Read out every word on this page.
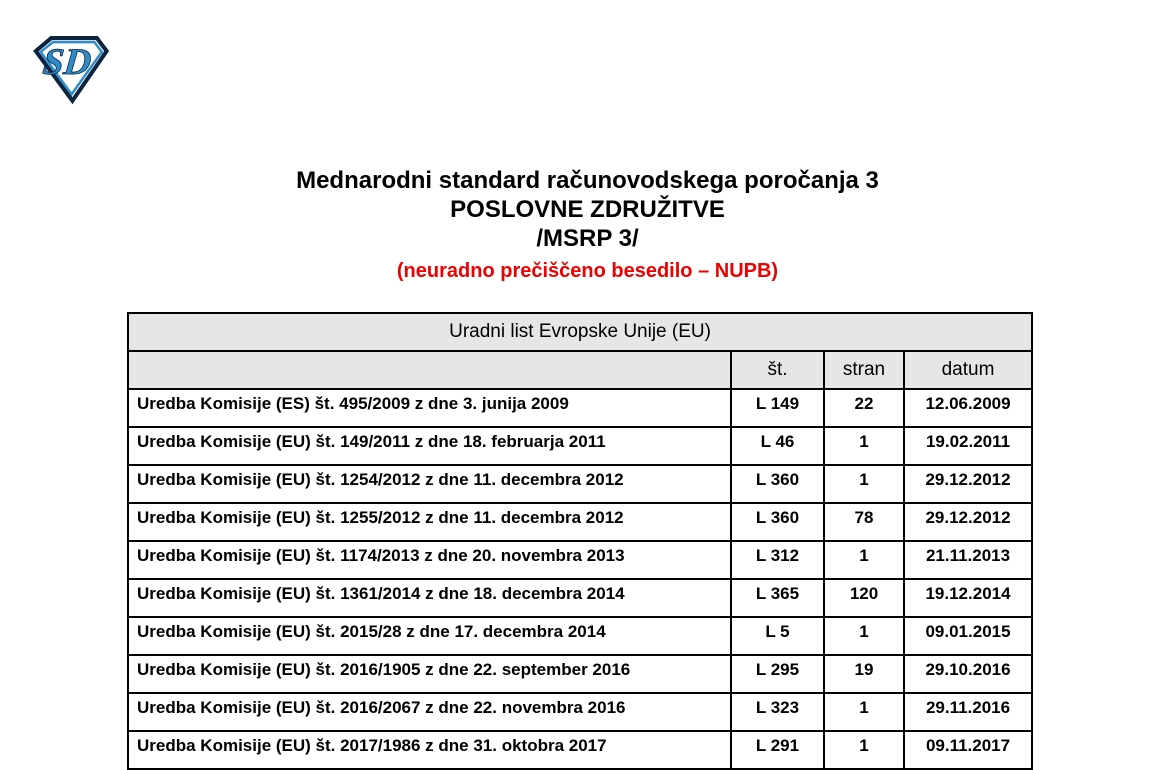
SD
Mednarodni standard računovodskega poročanja 3
POSLOVNE ZDRUŽITVE
/MSRP 3/
(neuradno prečiščeno besedilo – NUPB)
Uradni list Evropske Unije (EU)			
	št.	stran	datum
Uredba Komisije (ES) št. 495/2009 z dne 3. junija 2009	L 149	22	12.06.2009
Uredba Komisije (EU) št. 149/2011 z dne 18. februarja 2011	L 46	1	19.02.2011
Uredba Komisije (EU) št. 1254/2012 z dne 11. decembra 2012	L 360	1	29.12.2012
Uredba Komisije (EU) št. 1255/2012 z dne 11. decembra 2012	L 360	78	29.12.2012
Uredba Komisije (EU) št. 1174/2013 z dne 20. novembra 2013	L 312	1	21.11.2013
Uredba Komisije (EU) št. 1361/2014 z dne 18. decembra 2014	L 365	120	19.12.2014
Uredba Komisije (EU) št. 2015/28 z dne 17. decembra 2014	L 5	1	09.01.2015
Uredba Komisije (EU) št. 2016/1905 z dne 22. september 2016	L 295	19	29.10.2016
Uredba Komisije (EU) št. 2016/2067 z dne 22. novembra 2016	L 323	1	29.11.2016
Uredba Komisije (EU) št. 2017/1986 z dne 31. oktobra 2017	L 291	1	09.11.2017
